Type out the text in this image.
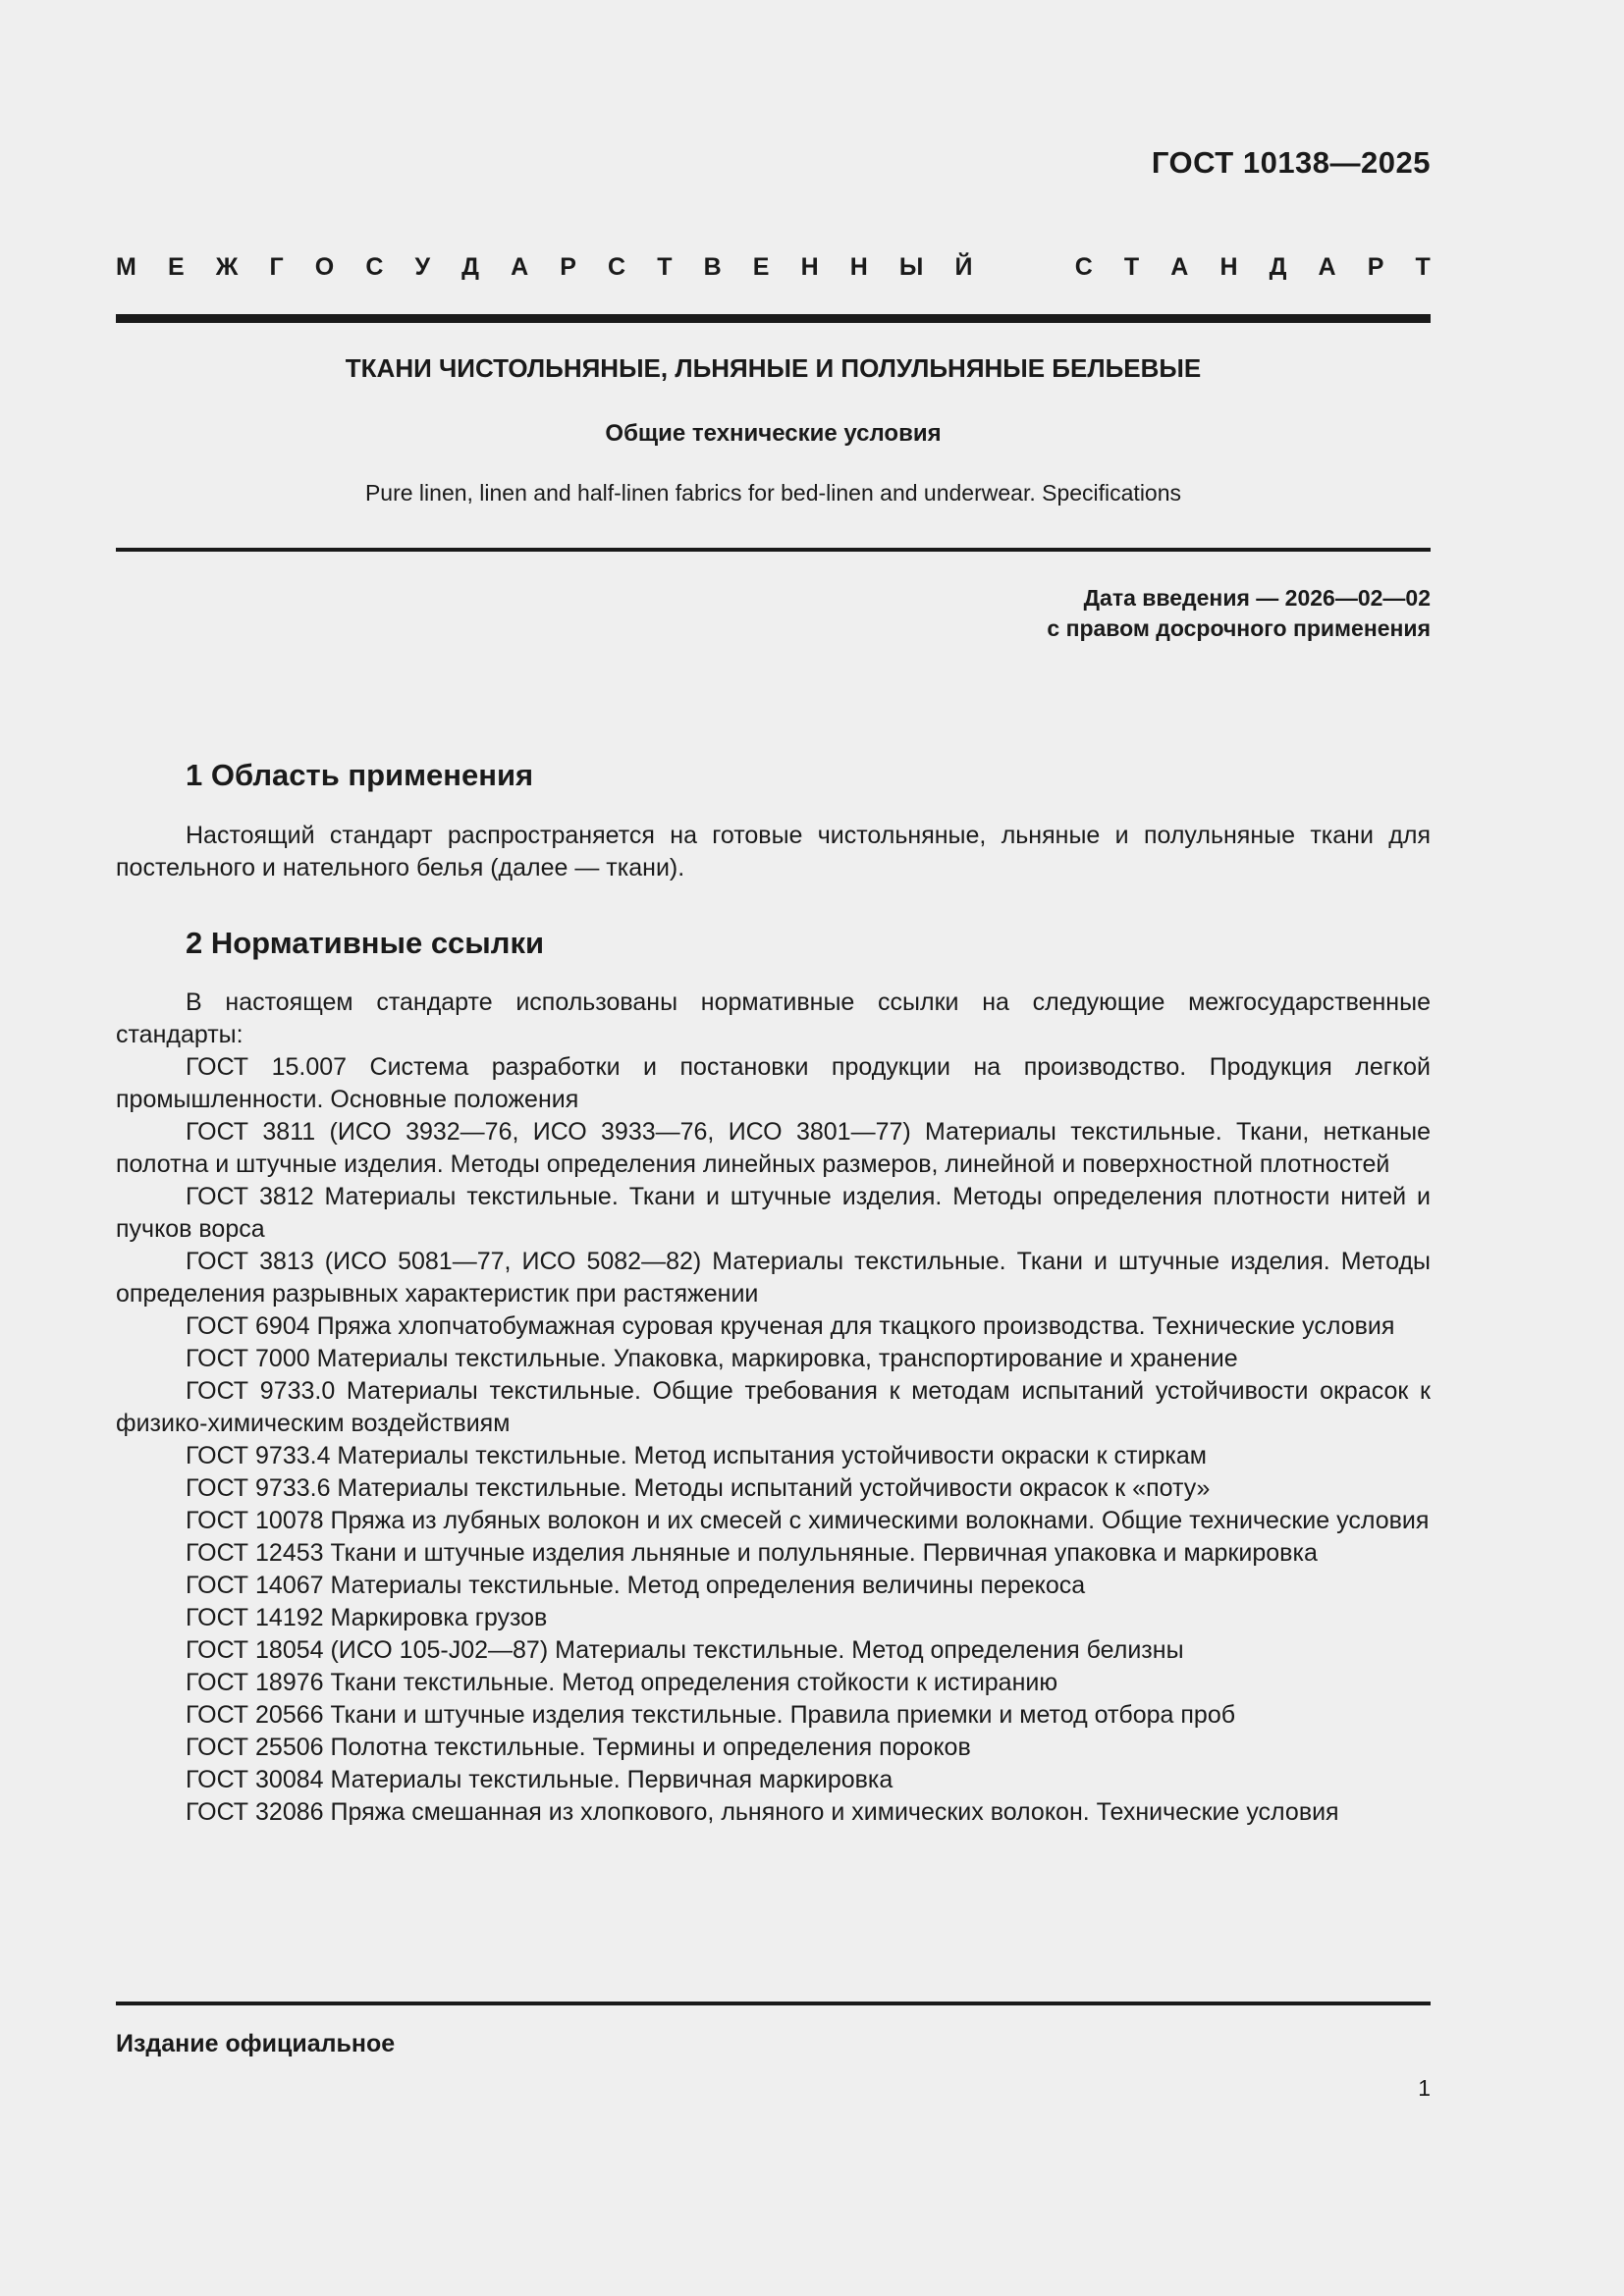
ГОСТ 10138—2025
М Е Ж Г О С У Д А Р С Т В Е Н Н Ы Й	С Т А Н Д А Р Т
ТКАНИ ЧИСТОЛЬНЯНЫЕ, ЛЬНЯНЫЕ И ПОЛУЛЬНЯНЫЕ БЕЛЬЕВЫЕ
Общие технические условия
Pure linen, linen and half-linen fabrics for bed-linen and underwear. Specifications
Дата введения — 2026—02—02
с правом досрочного применения
1 Область применения

Настоящий стандарт распространяется на готовые чистольняные, льняные и полульняные ткани для постельного и нательного белья (далее — ткани).

2 Нормативные ссылки

В настоящем стандарте использованы нормативные ссылки на следующие межгосударственные стандарты:

ГОСТ 15.007 Система разработки и постановки продукции на производство. Продукция легкой промышленности. Основные положения

ГОСТ 3811 (ИСО 3932—76, ИСО 3933—76, ИСО 3801—77) Материалы текстильные. Ткани, нетканые полотна и штучные изделия. Методы определения линейных размеров, линейной и поверхностной плотностей

ГОСТ 3812 Материалы текстильные. Ткани и штучные изделия. Методы определения плотности нитей и пучков ворса

ГОСТ 3813 (ИСО 5081—77, ИСО 5082—82) Материалы текстильные. Ткани и штучные изделия. Методы определения разрывных характеристик при растяжении

ГОСТ 6904 Пряжа хлопчатобумажная суровая крученая для ткацкого производства. Технические условия

ГОСТ 7000 Материалы текстильные. Упаковка, маркировка, транспортирование и хранение

ГОСТ 9733.0 Материалы текстильные. Общие требования к методам испытаний устойчивости окрасок к физико-химическим воздействиям

ГОСТ 9733.4 Материалы текстильные. Метод испытания устойчивости окраски к стиркам

ГОСТ 9733.6 Материалы текстильные. Методы испытаний устойчивости окрасок к «поту»

ГОСТ 10078 Пряжа из лубяных волокон и их смесей с химическими волокнами. Общие технические условия

ГОСТ 12453 Ткани и штучные изделия льняные и полульняные. Первичная упаковка и маркировка

ГОСТ 14067 Материалы текстильные. Метод определения величины перекоса

ГОСТ 14192 Маркировка грузов

ГОСТ 18054 (ИСО 105-J02—87) Материалы текстильные. Метод определения белизны

ГОСТ 18976 Ткани текстильные. Метод определения стойкости к истиранию

ГОСТ 20566 Ткани и штучные изделия текстильные. Правила приемки и метод отбора проб

ГОСТ 25506 Полотна текстильные. Термины и определения пороков

ГОСТ 30084 Материалы текстильные. Первичная маркировка

ГОСТ 32086 Пряжа смешанная из хлопкового, льняного и химических волокон. Технические условия

Издание официальное
1
